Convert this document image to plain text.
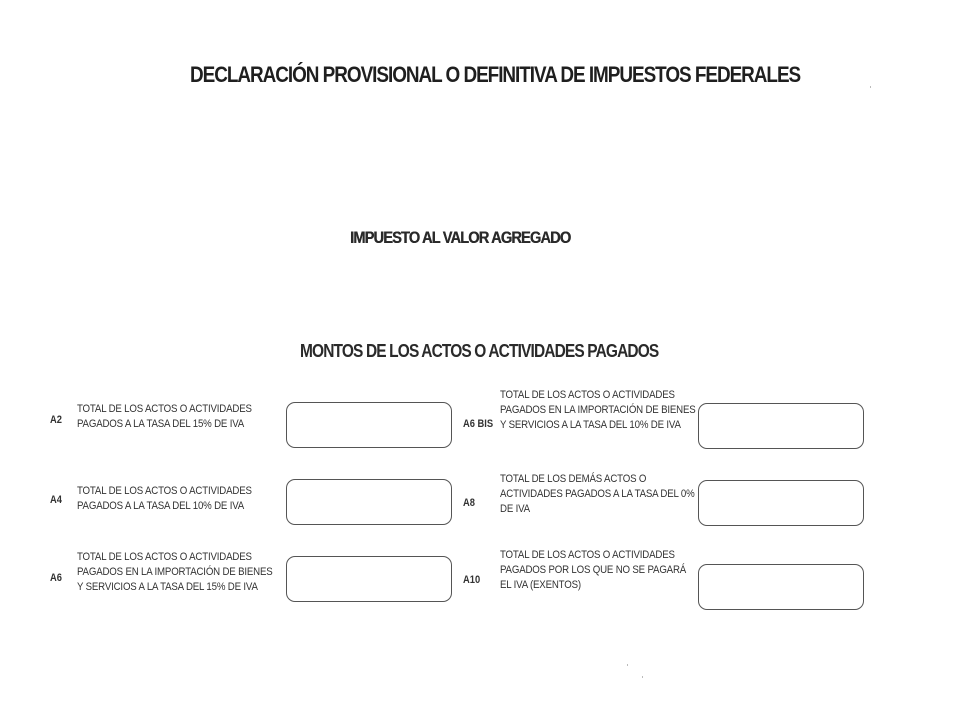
DECLARACIÓN PROVISIONAL O DEFINITIVA DE IMPUESTOS FEDERALES
IMPUESTO AL VALOR AGREGADO
MONTOS DE LOS ACTOS O ACTIVIDADES PAGADOS
A2
TOTAL DE LOS ACTOS O ACTIVIDADES PAGADOS A LA TASA DEL 15% DE IVA
A4
TOTAL DE LOS ACTOS O ACTIVIDADES PAGADOS A LA TASA DEL 10% DE IVA
A6
TOTAL DE LOS ACTOS O ACTIVIDADES PAGADOS EN LA IMPORTACIÓN DE BIENES Y SERVICIOS A LA TASA DEL 15% DE IVA
A6 BIS
TOTAL DE LOS ACTOS O ACTIVIDADES PAGADOS EN LA IMPORTACIÓN DE BIENES Y SERVICIOS A LA TASA DEL 10% DE IVA
A8
TOTAL DE LOS DEMÁS ACTOS O ACTIVIDADES PAGADOS A LA TASA DEL 0% DE IVA
A10
TOTAL DE LOS ACTOS O ACTIVIDADES PAGADOS POR LOS QUE NO SE PAGARÁ EL IVA (EXENTOS)
